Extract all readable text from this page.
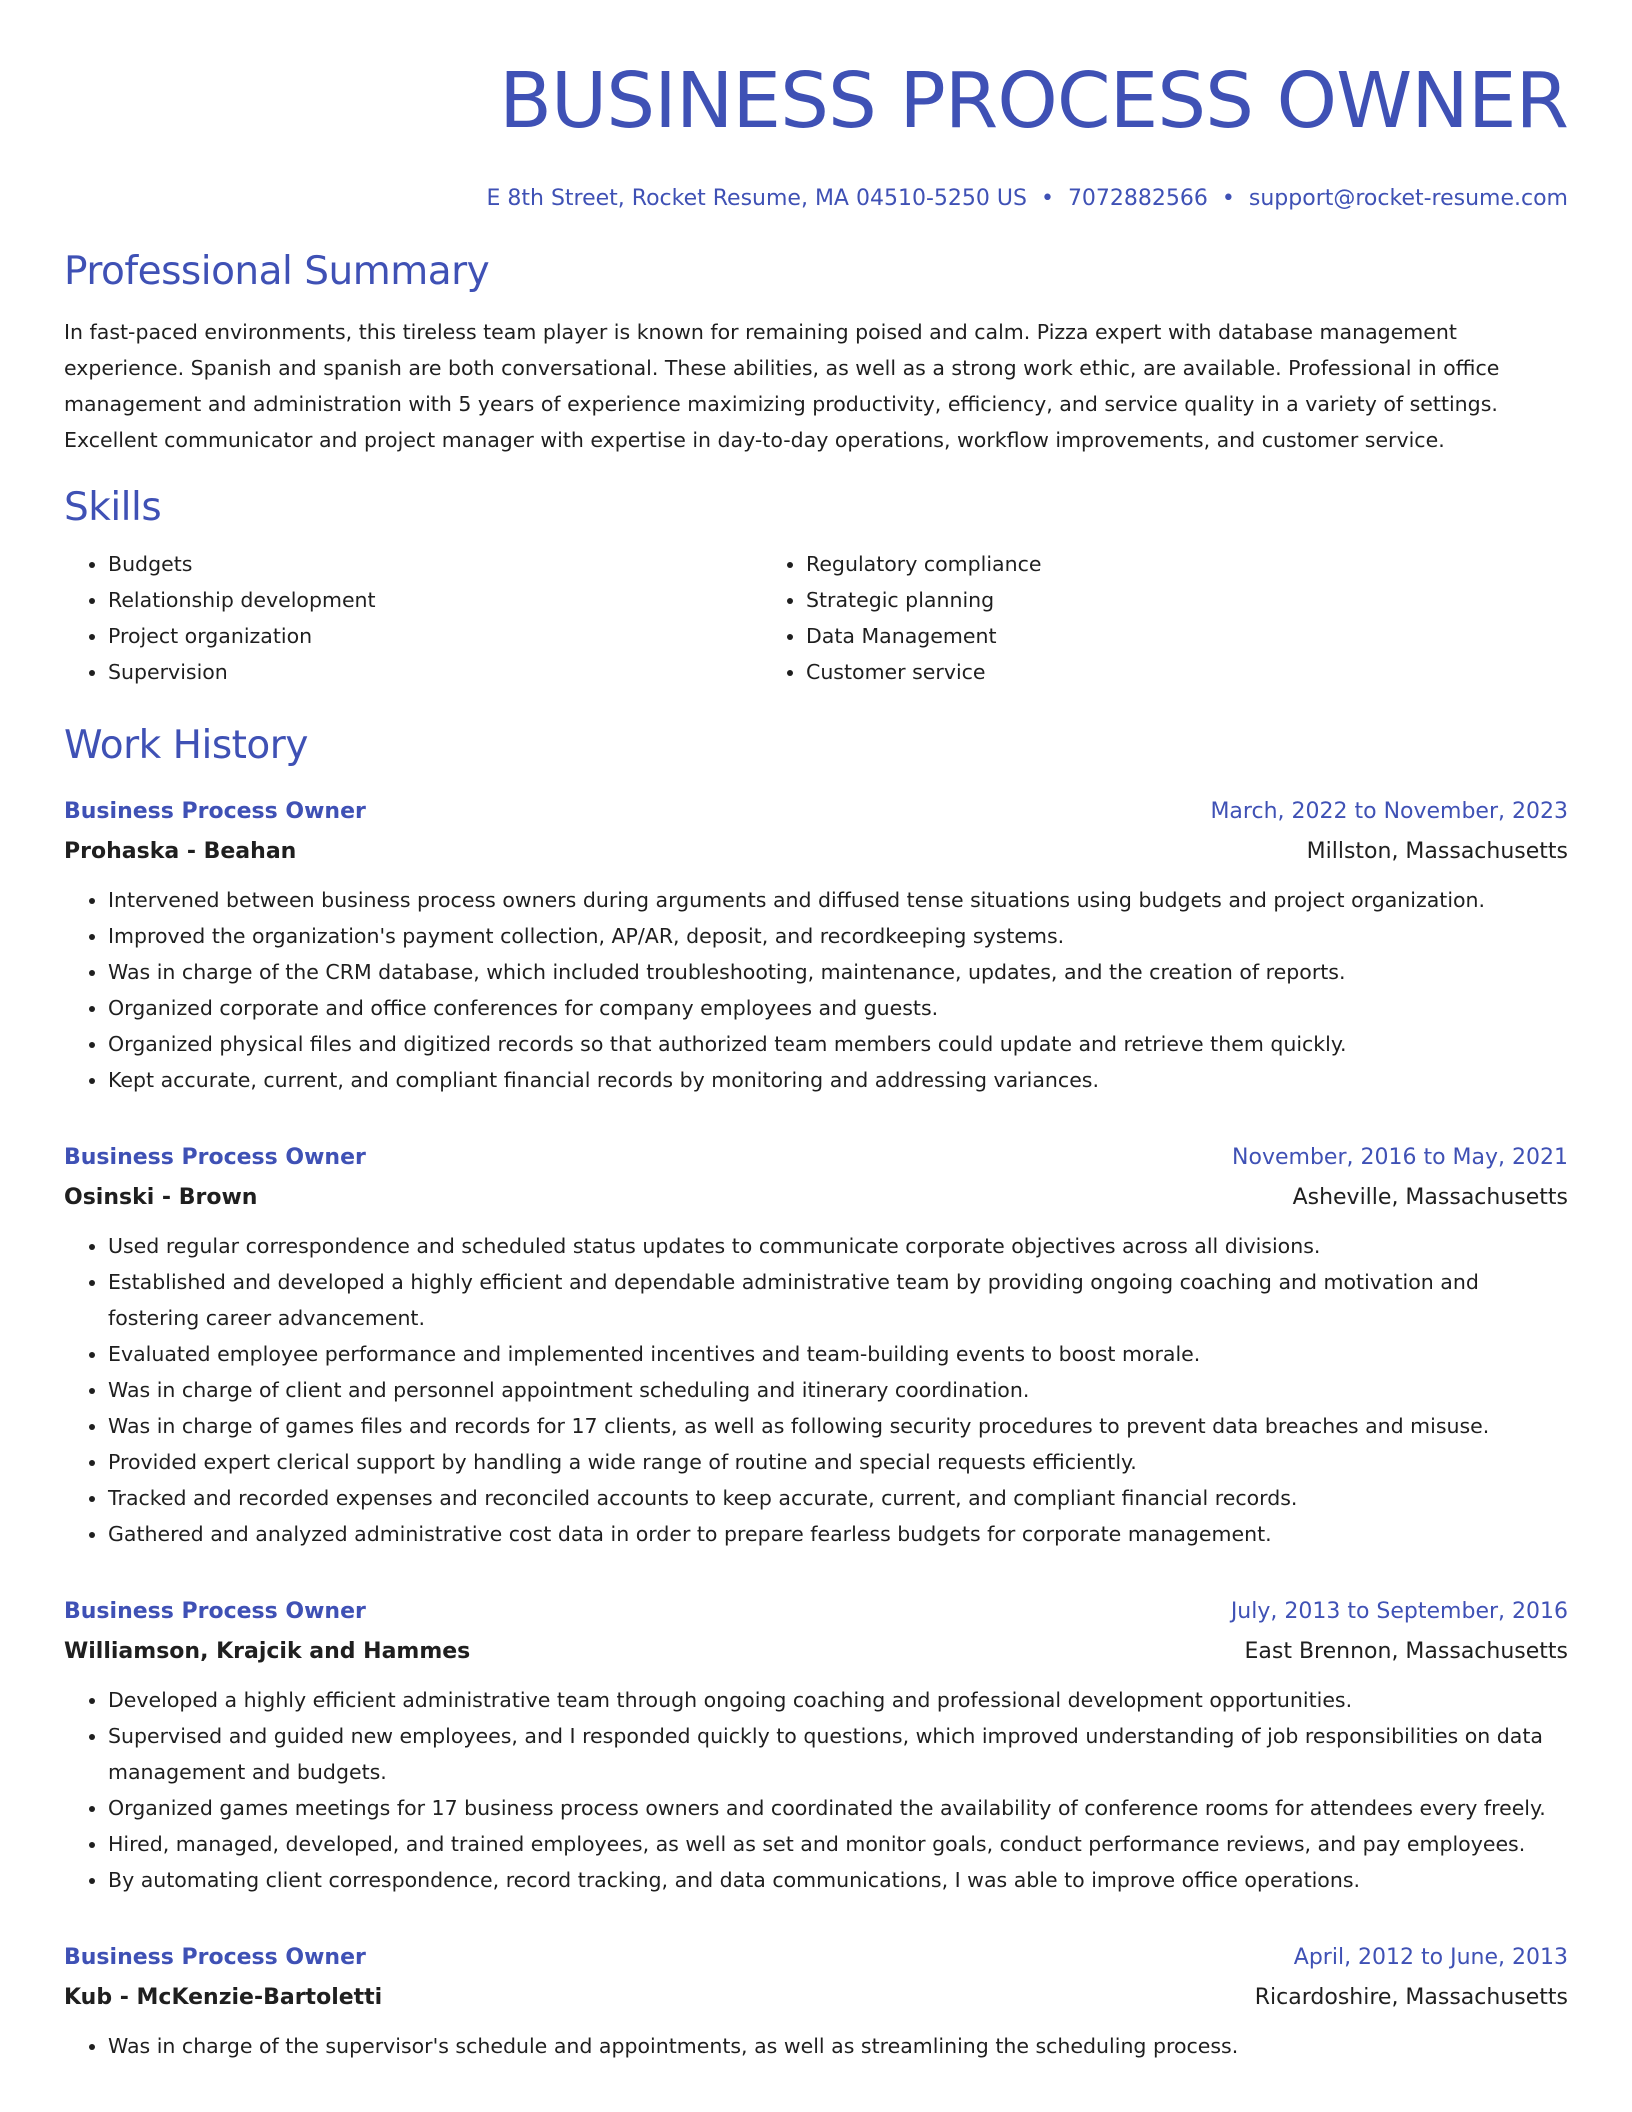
BUSINESS PROCESS OWNER
E 8th Street, Rocket Resume, MA 04510-5250 US • 7072882566 • support@rocket-resume.com
Professional Summary

In fast-paced environments, this tireless team player is known for remaining poised and calm. Pizza expert with database management experience. Spanish and spanish are both conversational. These abilities, as well as a strong work ethic, are available. Professional in office management and administration with 5 years of experience maximizing productivity, efficiency, and service quality in a variety of settings. Excellent communicator and project manager with expertise in day-to-day operations, workflow improvements, and customer service.

Skills
• Budgets
• Relationship development
• Project organization
• Supervision
• Regulatory compliance
• Strategic planning
• Data Management
• Customer service
Work History
Business Process Owner	March, 2022 to November, 2023
Prohaska - Beahan	Millston, Massachusetts
• Intervened between business process owners during arguments and diffused tense situations using budgets and project organization.
• Improved the organization's payment collection, AP/AR, deposit, and recordkeeping systems.
• Was in charge of the CRM database, which included troubleshooting, maintenance, updates, and the creation of reports.
• Organized corporate and office conferences for company employees and guests.
• Organized physical files and digitized records so that authorized team members could update and retrieve them quickly.
• Kept accurate, current, and compliant financial records by monitoring and addressing variances.
Business Process Owner	November, 2016 to May, 2021
Osinski - Brown	Asheville, Massachusetts
• Used regular correspondence and scheduled status updates to communicate corporate objectives across all divisions.
• Established and developed a highly efficient and dependable administrative team by providing ongoing coaching and motivation and fostering career advancement.
• Evaluated employee performance and implemented incentives and team-building events to boost morale.
• Was in charge of client and personnel appointment scheduling and itinerary coordination.
• Was in charge of games files and records for 17 clients, as well as following security procedures to prevent data breaches and misuse.
• Provided expert clerical support by handling a wide range of routine and special requests efficiently.
• Tracked and recorded expenses and reconciled accounts to keep accurate, current, and compliant financial records.
• Gathered and analyzed administrative cost data in order to prepare fearless budgets for corporate management.
Business Process Owner	July, 2013 to September, 2016
Williamson, Krajcik and Hammes	East Brennon, Massachusetts
• Developed a highly efficient administrative team through ongoing coaching and professional development opportunities.
• Supervised and guided new employees, and I responded quickly to questions, which improved understanding of job responsibilities on data management and budgets.
• Organized games meetings for 17 business process owners and coordinated the availability of conference rooms for attendees every freely.
• Hired, managed, developed, and trained employees, as well as set and monitor goals, conduct performance reviews, and pay employees.
• By automating client correspondence, record tracking, and data communications, I was able to improve office operations.
Business Process Owner	April, 2012 to June, 2013
Kub - McKenzie-Bartoletti	Ricardoshire, Massachusetts
• Was in charge of the supervisor's schedule and appointments, as well as streamlining the scheduling process.
